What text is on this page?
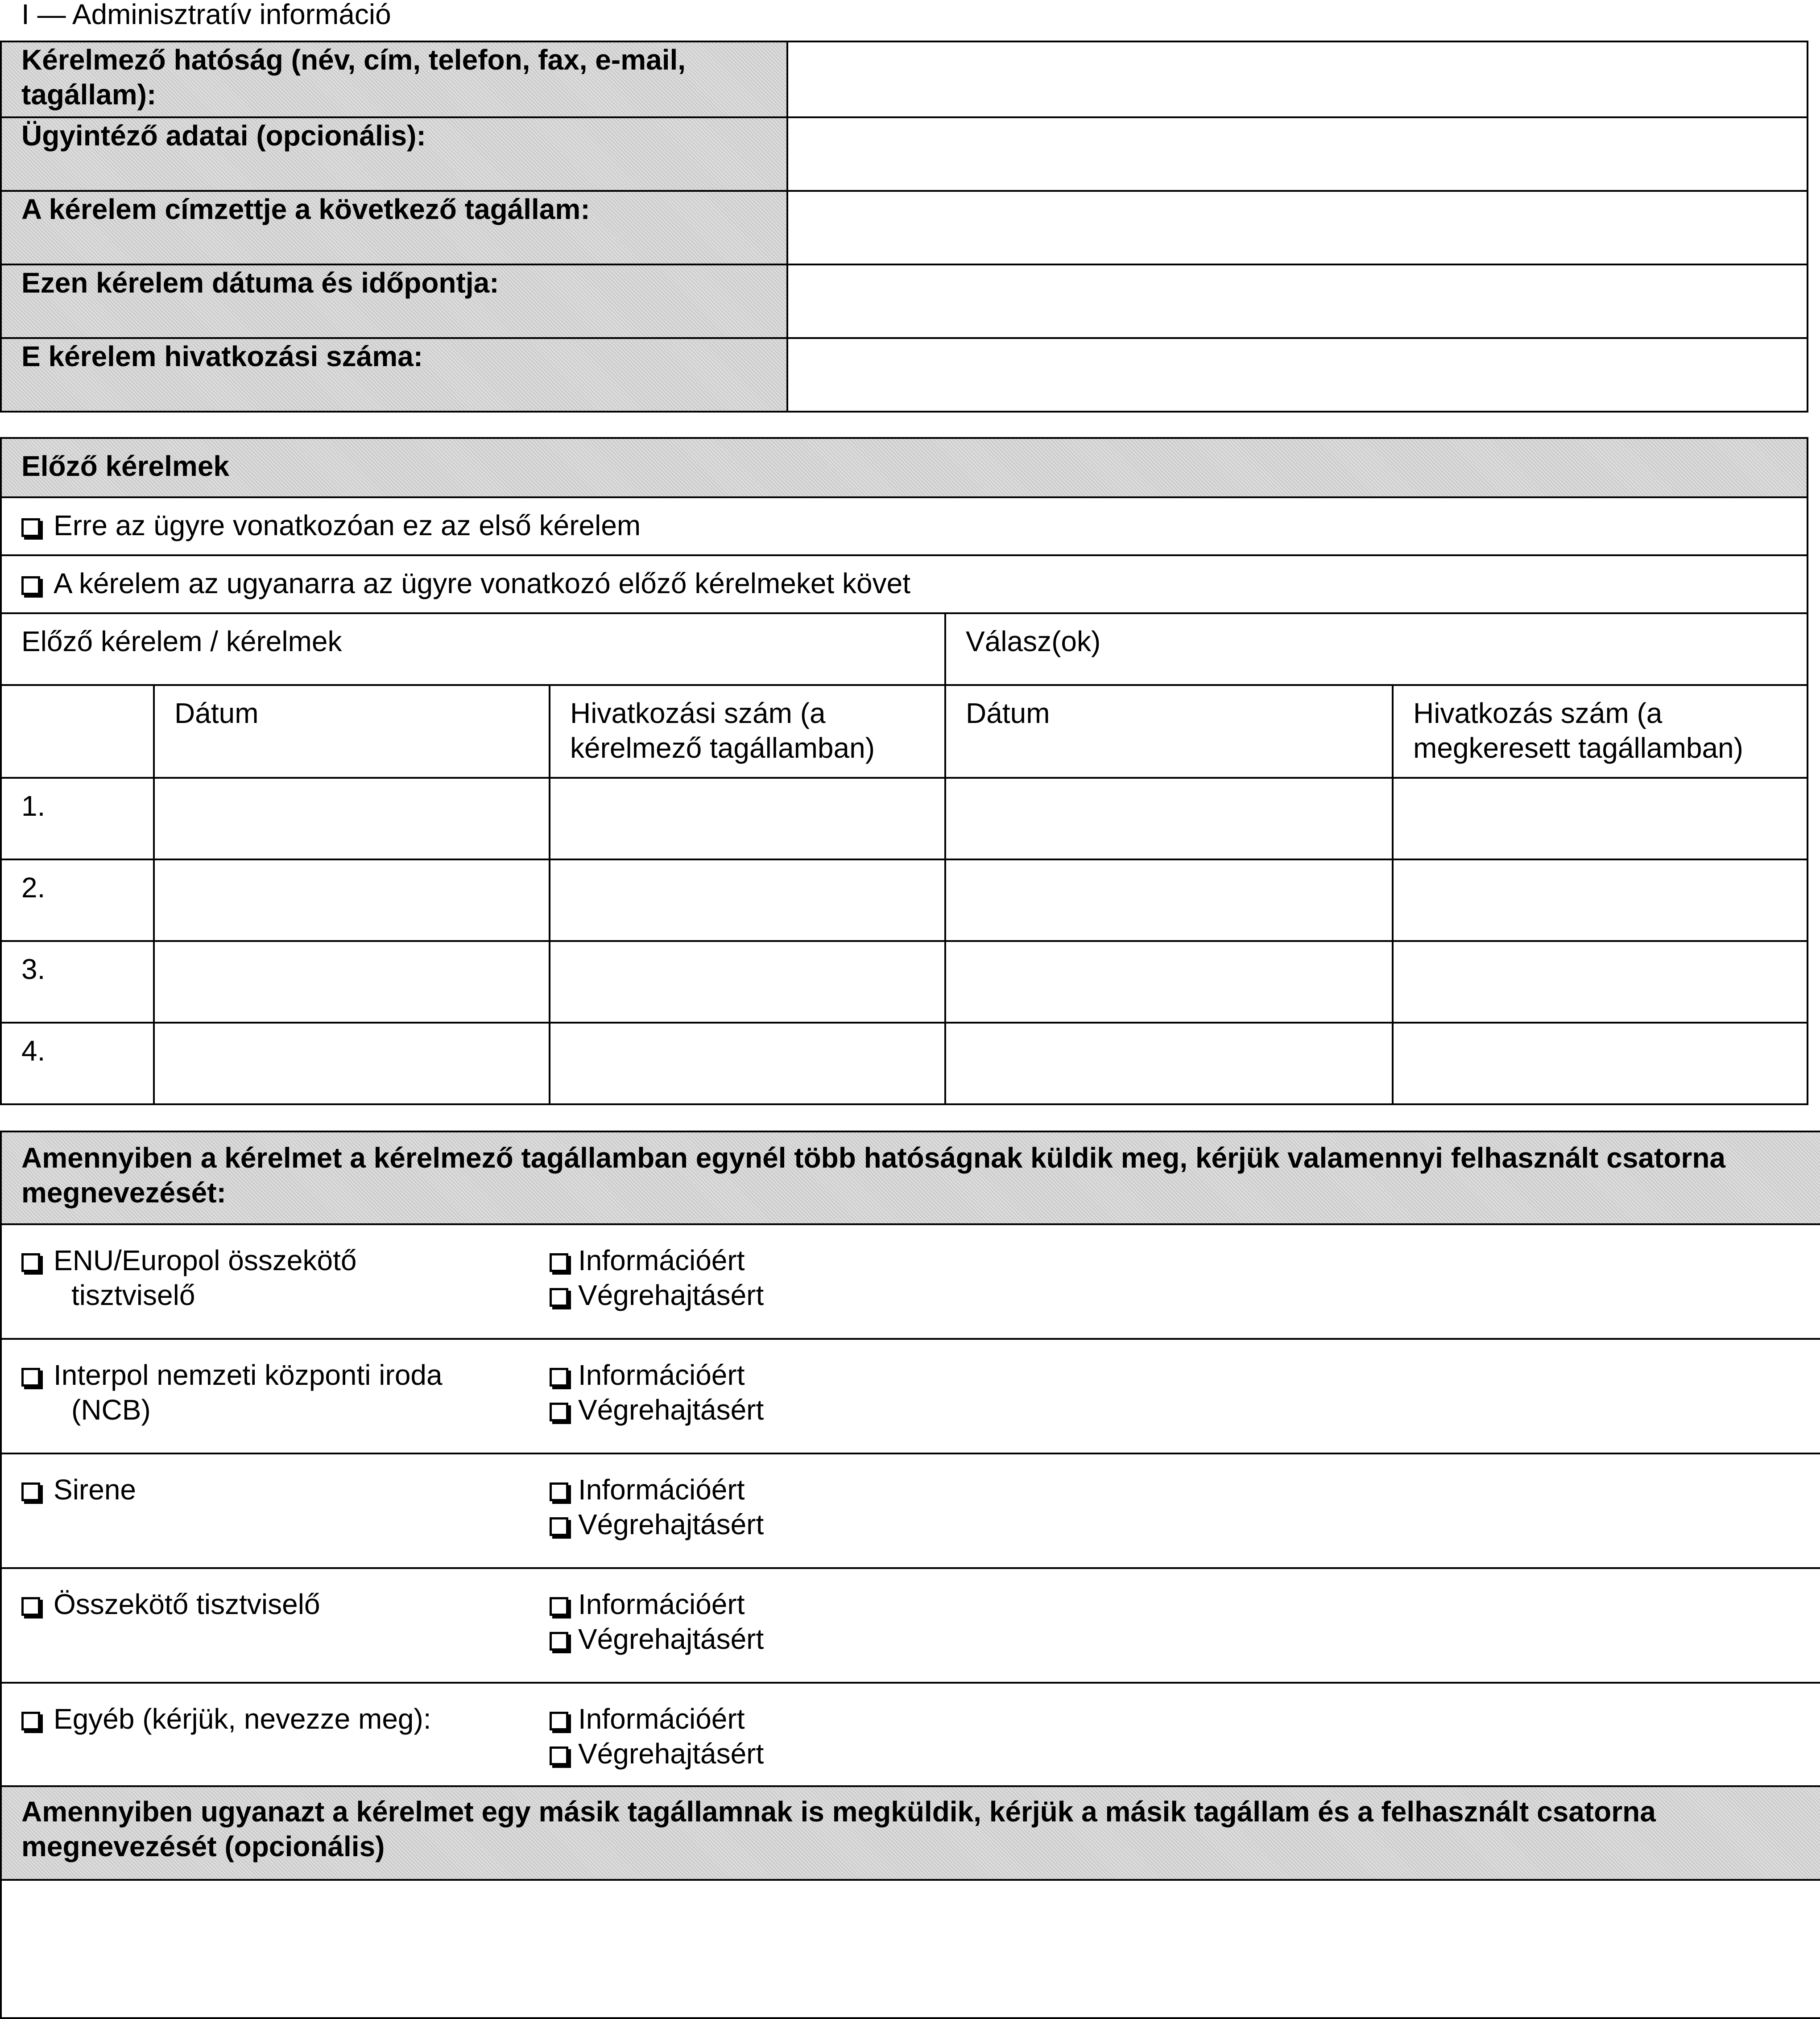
I — Adminisztratív információ
Kérelmező hatóság (név, cím, telefon, fax, e-mail, tagállam):	
Ügyintéző adatai (opcionális):	
A kérelem címzettje a következő tagállam:	
Ezen kérelem dátuma és időpontja:	
E kérelem hivatkozási száma:	
Előző kérelmek				
Erre az ügyre vonatkozóan ez az első kérelem				
A kérelem az ugyanarra az ügyre vonatkozó előző kérelmeket követ				
Előző kérelem / kérelmek			Válasz(ok)	
	Dátum	Hivatkozási szám (a kérelmező tagállamban)	Dátum	Hivatkozás szám (a megkeresett tagállamban)
1.				
2.				
3.				
4.				
Amennyiben a kérelmet a kérelmező tagállamban egynél több hatóságnak küldik meg, kérjük valamennyi felhasznált csatorna megnevezését:	
ENU/Europol összekötő
tisztviselő	Információért
Végrehajtásért

Interpol nemzeti központi iroda
(NCB)	Információért
Végrehajtásért

Sirene	Információért
Végrehajtásért

Összekötő tisztviselő	Információért
Végrehajtásért

Egyéb (kérjük, nevezze meg):	Információért
Végrehajtásért

Amennyiben ugyanazt a kérelmet egy másik tagállamnak is megküldik, kérjük a másik tagállam és a felhasznált csatorna megnevezését (opcionális)	
